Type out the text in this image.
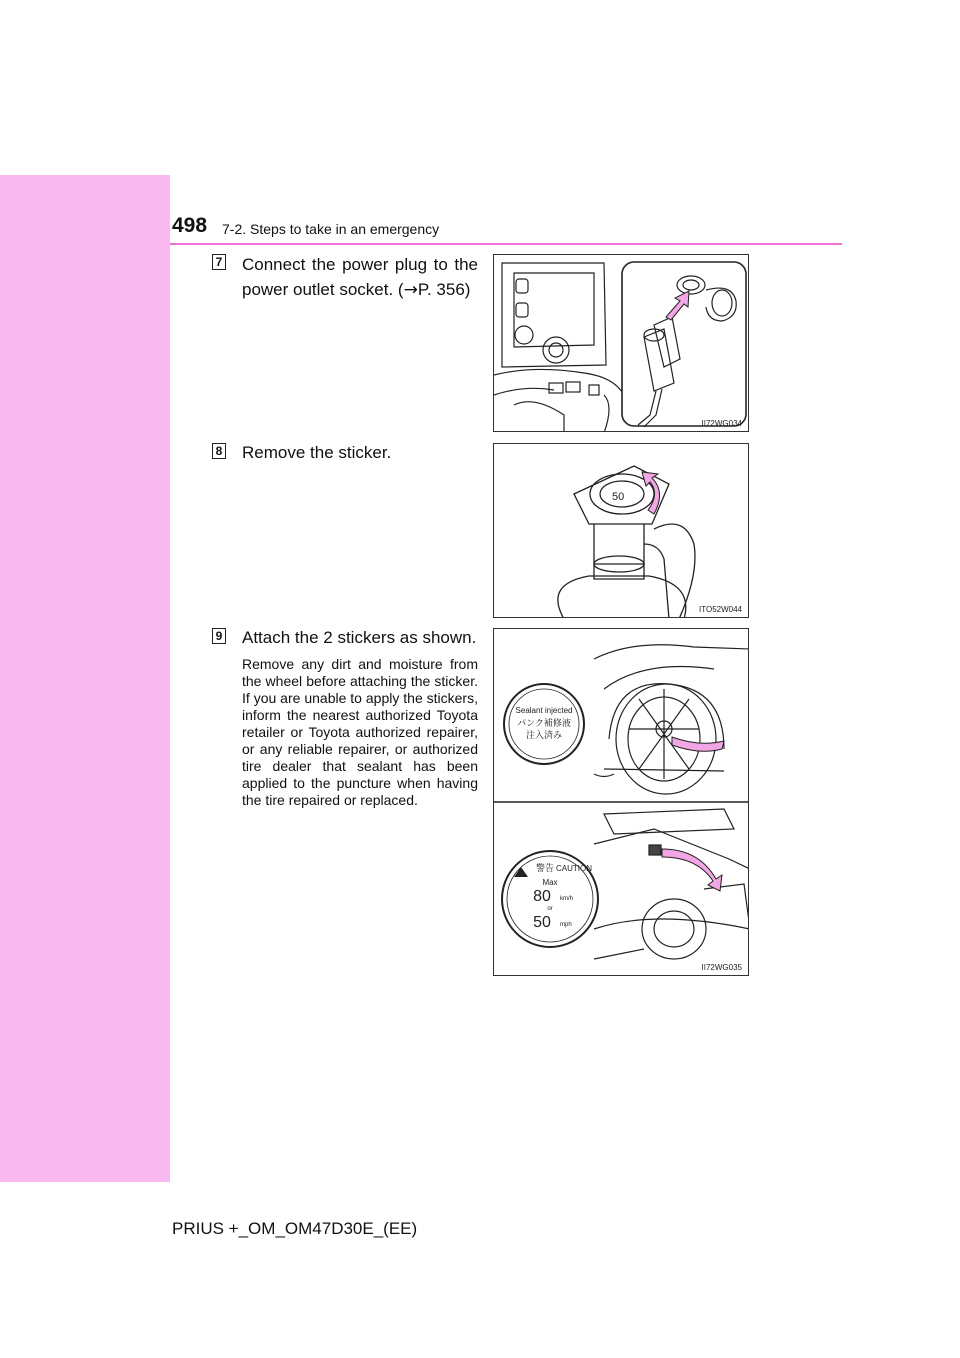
498 7-2. Steps to take in an emergency
7 Connect the power plug to the power outlet socket. (→P. 356)
II72WG034
8 Remove the sticker.
50
ITO52W044
9 Attach the 2 stickers as shown.
Remove any dirt and moisture from the wheel before attaching the sticker. If you are unable to apply the stickers, inform the nearest authorized Toyota retailer or Toyota authorized repairer, or any reliable repairer, or authorized tire dealer that sealant has been applied to the puncture when having the tire repaired or replaced.
Sealant injected
パンク補修液
注入済み
警告 CAUTION
Max
80 km/h
or
50 mph
II72WG035
PRIUS +_OM_OM47D30E_(EE)
